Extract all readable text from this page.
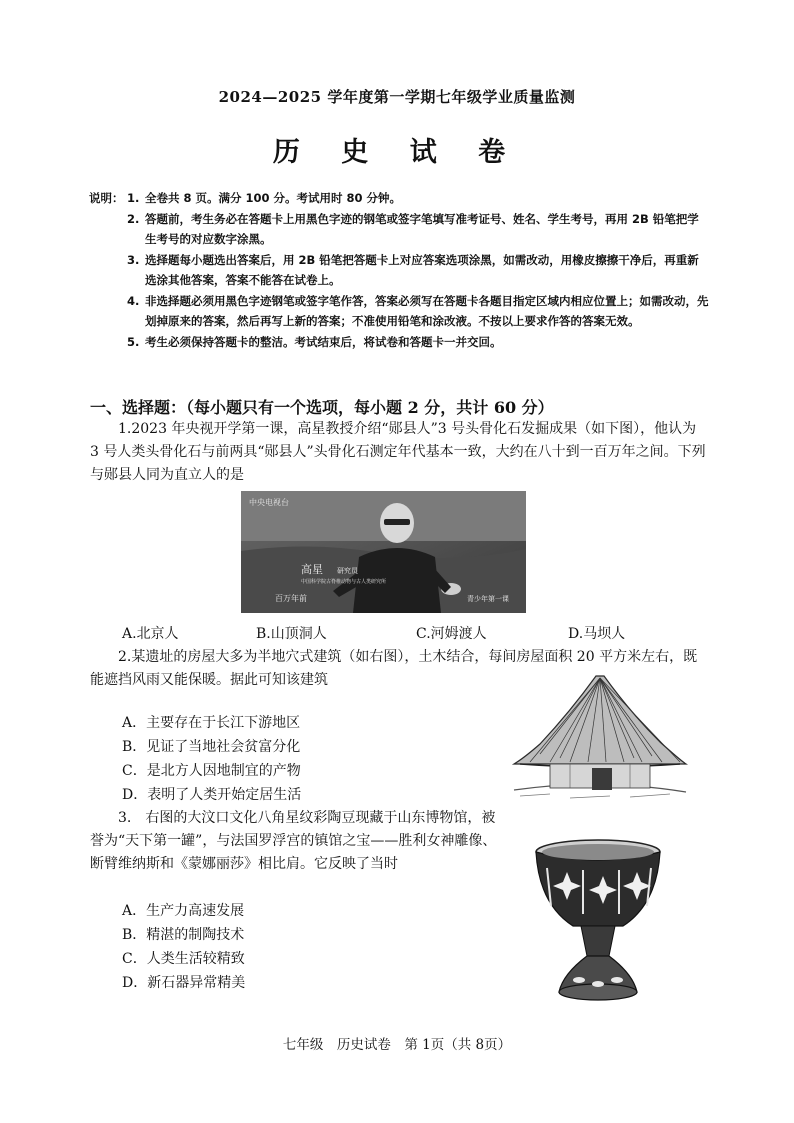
2024—2025 学年度第一学期七年级学业质量监测
历 史 试 卷
说明： 1. 全卷共 8 页。满分 100 分。考试用时 80 分钟。
2. 答题前，考生务必在答题卡上用黑色字迹的钢笔或签字笔填写准考证号、姓名、学生考号，再用 2B 铅笔把学生考号的对应数字涂黑。
3. 选择题每小题选出答案后，用 2B 铅笔把答题卡上对应答案选项涂黑，如需改动，用橡皮擦擦干净后，再重新选涂其他答案，答案不能答在试卷上。
4. 非选择题必须用黑色字迹钢笔或签字笔作答，答案必须写在答题卡各题目指定区域内相应位置上；如需改动，先划掉原来的答案，然后再写上新的答案；不准使用铅笔和涂改液。不按以上要求作答的答案无效。
5. 考生必须保持答题卡的整洁。考试结束后，将试卷和答题卡一并交回。
一、选择题：（每小题只有一个选项，每小题 2 分，共计 60 分）
1.2023 年央视开学第一课，高星教授介绍“郧县人”3 号头骨化石发掘成果（如下图），他认为 3 号人类头骨化石与前两具“郧县人”头骨化石测定年代基本一致，大约在八十到一百万年之间。下列与郧县人同为直立人的是
中央电视台
高星 研究员
中国科学院古脊椎动物与古人类研究所
百万年前	青少年第一课
A.北京人	B.山顶洞人	C.河姆渡人	D.马坝人
2.某遗址的房屋大多为半地穴式建筑（如右图），土木结合，每间房屋面积 20 平方米左右，既能遮挡风雨又能保暖。据此可知该建筑
A．主要存在于长江下游地区
B．见证了当地社会贫富分化
C．是北方人因地制宜的产物
D．表明了人类开始定居生活
3.　右图的大汶口文化八角星纹彩陶豆现藏于山东博物馆，被誉为“天下第一罐”，与法国罗浮宫的镇馆之宝——胜利女神雕像、断臂维纳斯和《蒙娜丽莎》相比肩。它反映了当时
A．生产力高速发展
B．精湛的制陶技术
C．人类生活较精致
D．新石器异常精美
七年级　历史试卷　第 1页（共 8页）
